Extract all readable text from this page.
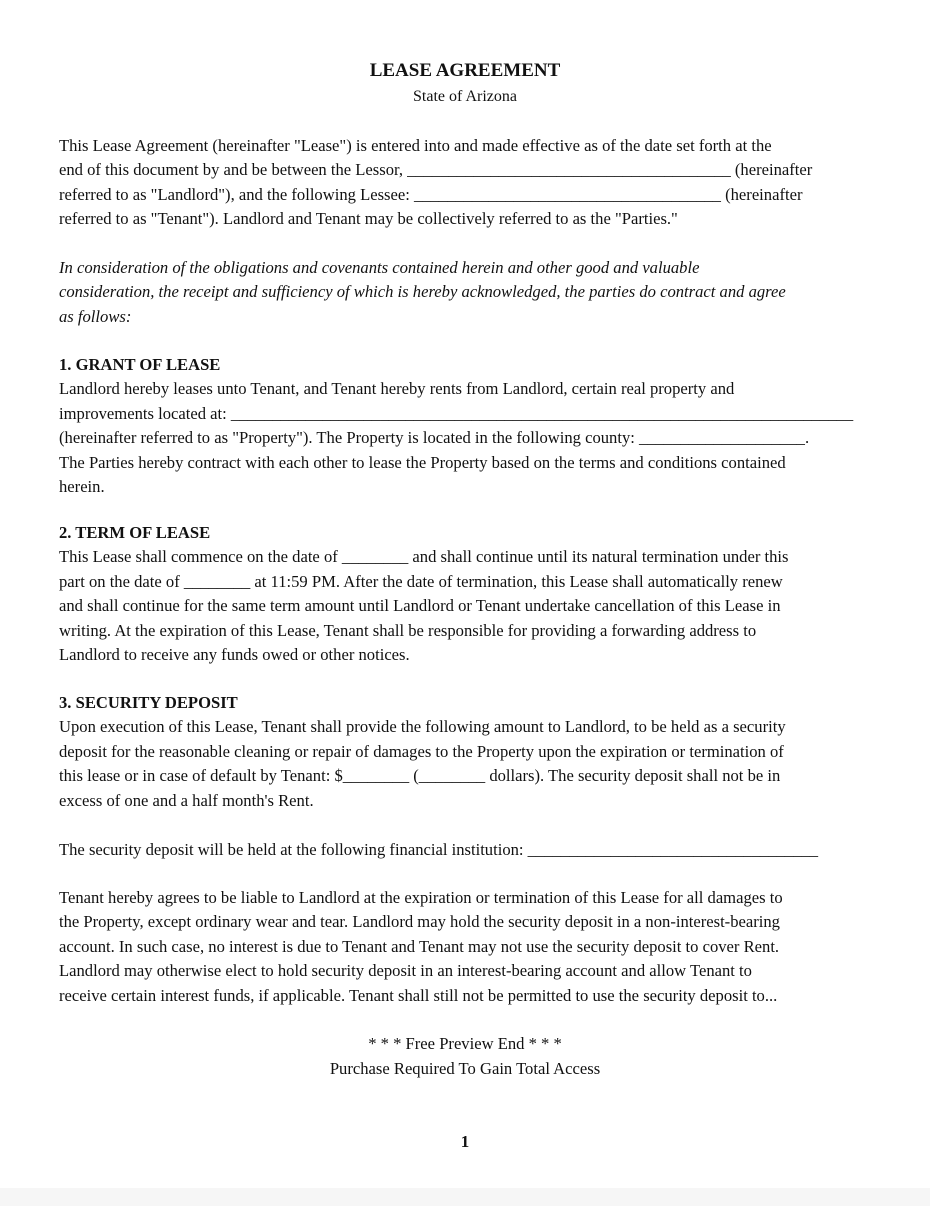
LEASE AGREEMENT
State of Arizona
This Lease Agreement (hereinafter "Lease") is entered into and made effective as of the date set forth at the
end of this document by and be between the Lessor, _______________________________________ (hereinafter
referred to as "Landlord"), and the following Lessee: _____________________________________ (hereinafter
referred to as "Tenant"). Landlord and Tenant may be collectively referred to as the "Parties."
In consideration of the obligations and covenants contained herein and other good and valuable
consideration, the receipt and sufficiency of which is hereby acknowledged, the parties do contract and agree
as follows:
1. GRANT OF LEASE
Landlord hereby leases unto Tenant, and Tenant hereby rents from Landlord, certain real property and
improvements located at: ___________________________________________________________________________
(hereinafter referred to as "Property"). The Property is located in the following county: ____________________.
The Parties hereby contract with each other to lease the Property based on the terms and conditions contained
herein.
2. TERM OF LEASE
This Lease shall commence on the date of ________ and shall continue until its natural termination under this
part on the date of ________ at 11:59 PM. After the date of termination, this Lease shall automatically renew
and shall continue for the same term amount until Landlord or Tenant undertake cancellation of this Lease in
writing. At the expiration of this Lease, Tenant shall be responsible for providing a forwarding address to
Landlord to receive any funds owed or other notices.
3. SECURITY DEPOSIT
Upon execution of this Lease, Tenant shall provide the following amount to Landlord, to be held as a security
deposit for the reasonable cleaning or repair of damages to the Property upon the expiration or termination of
this lease or in case of default by Tenant: $________ (________ dollars). The security deposit shall not be in
excess of one and a half month's Rent.
The security deposit will be held at the following financial institution: ___________________________________
Tenant hereby agrees to be liable to Landlord at the expiration or termination of this Lease for all damages to
the Property, except ordinary wear and tear. Landlord may hold the security deposit in a non-interest-bearing
account. In such case, no interest is due to Tenant and Tenant may not use the security deposit to cover Rent.
Landlord may otherwise elect to hold security deposit in an interest-bearing account and allow Tenant to
receive certain interest funds, if applicable. Tenant shall still not be permitted to use the security deposit to...
* * * Free Preview End * * *
Purchase Required To Gain Total Access
1
